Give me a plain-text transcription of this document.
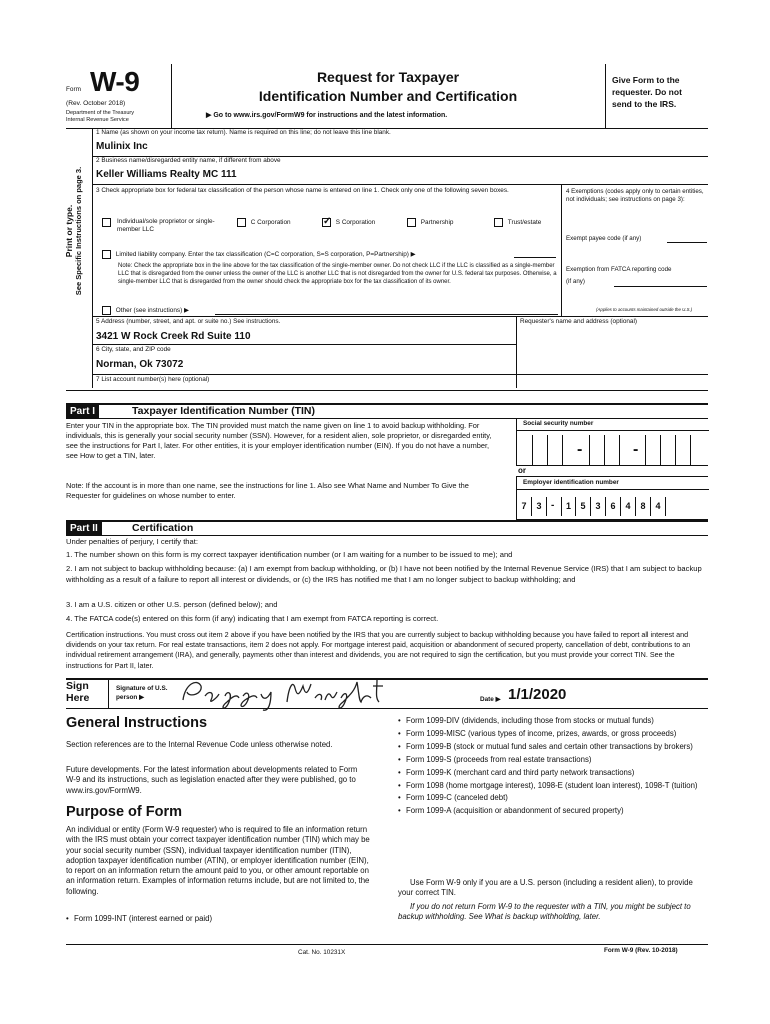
Form W-9
(Rev. October 2018)
Department of the Treasury
Internal Revenue Service
Request for Taxpayer
Identification Number and Certification
▶ Go to www.irs.gov/FormW9 for instructions and the latest information.
Give Form to the requester. Do not send to the IRS.
Print or type. See Specific Instructions on page 3.
1 Name (as shown on your income tax return). Name is required on this line; do not leave this line blank.
Mulinix Inc
2 Business name/disregarded entity name, if different from above
Keller Williams Realty MC 111
3 Check appropriate box for federal tax classification of the person whose name is entered on line 1. Check only one of the following seven boxes.
Individual/sole proprietor or single-member LLC
C Corporation
✓	S Corporation	Partnership	Trust/estate
Limited liability company. Enter the tax classification (C=C corporation, S=S corporation, P=Partnership) ▶
Note: Check the appropriate box in the line above for the tax classification of the single-member owner. Do not check LLC if the LLC is classified as a single-member LLC that is disregarded from the owner unless the owner of the LLC is another LLC that is not disregarded from the owner for U.S. federal tax purposes. Otherwise, a single-member LLC that is disregarded from the owner should check the appropriate box for the tax classification of its owner.
Other (see instructions) ▶
4 Exemptions (codes apply only to certain entities, not individuals; see instructions on page 3):
Exempt payee code (if any)
Exemption from FATCA reporting code (if any)
(Applies to accounts maintained outside the U.S.)
5 Address (number, street, and apt. or suite no.) See instructions.
3421 W Rock Creek Rd Suite 110
Requester's name and address (optional)
6 City, state, and ZIP code
Norman, Ok 73072
7 List account number(s) here (optional)
Part I	Taxpayer Identification Number (TIN)
Enter your TIN in the appropriate box. The TIN provided must match the name given on line 1 to avoid backup withholding. For individuals, this is generally your social security number (SSN). However, for a resident alien, sole proprietor, or disregarded entity, see the instructions for Part I, later. For other entities, it is your employer identification number (EIN). If you do not have a number, see How to get a TIN, later.
Note: If the account is in more than one name, see the instructions for line 1. Also see What Name and Number To Give the Requester for guidelines on whose number to enter.
Social security number
-	-
or
Employer identification number
7	3 -	1	5	3	6	4	8	4
Part II	Certification
Under penalties of perjury, I certify that:
1. The number shown on this form is my correct taxpayer identification number (or I am waiting for a number to be issued to me); and
2. I am not subject to backup withholding because: (a) I am exempt from backup withholding, or (b) I have not been notified by the Internal Revenue Service (IRS) that I am subject to backup withholding as a result of a failure to report all interest or dividends, or (c) the IRS has notified me that I am no longer subject to backup withholding; and
3. I am a U.S. citizen or other U.S. person (defined below); and
4. The FATCA code(s) entered on this form (if any) indicating that I am exempt from FATCA reporting is correct.
Certification instructions. You must cross out item 2 above if you have been notified by the IRS that you are currently subject to backup withholding because you have failed to report all interest and dividends on your tax return. For real estate transactions, item 2 does not apply. For mortgage interest paid, acquisition or abandonment of secured property, cancellation of debt, contributions to an individual retirement arrangement (IRA), and generally, payments other than interest and dividends, you are not required to sign the certification, but you must provide your correct TIN. See the instructions for Part II, later.
Sign Here
Signature of U.S. person ▶	Date ▶ 1/1/2020
General Instructions
Section references are to the Internal Revenue Code unless otherwise noted.
Future developments. For the latest information about developments related to Form W-9 and its instructions, such as legislation enacted after they were published, go to www.irs.gov/FormW9.
Purpose of Form
An individual or entity (Form W-9 requester) who is required to file an information return with the IRS must obtain your correct taxpayer identification number (TIN) which may be your social security number (SSN), individual taxpayer identification number (ITIN), adoption taxpayer identification number (ATIN), or employer identification number (EIN), to report on an information return the amount paid to you, or other amount reportable on an information return. Examples of information returns include, but are not limited to, the following.
• Form 1099-INT (interest earned or paid)
• Form 1099-DIV (dividends, including those from stocks or mutual funds)
• Form 1099-MISC (various types of income, prizes, awards, or gross proceeds)
• Form 1099-B (stock or mutual fund sales and certain other transactions by brokers)
• Form 1099-S (proceeds from real estate transactions)
• Form 1099-K (merchant card and third party network transactions)
• Form 1098 (home mortgage interest), 1098-E (student loan interest), 1098-T (tuition)
• Form 1099-C (canceled debt)
• Form 1099-A (acquisition or abandonment of secured property)
Use Form W-9 only if you are a U.S. person (including a resident alien), to provide your correct TIN.
If you do not return Form W-9 to the requester with a TIN, you might be subject to backup withholding. See What is backup withholding, later.
Cat. No. 10231X	Form W-9 (Rev. 10-2018)
